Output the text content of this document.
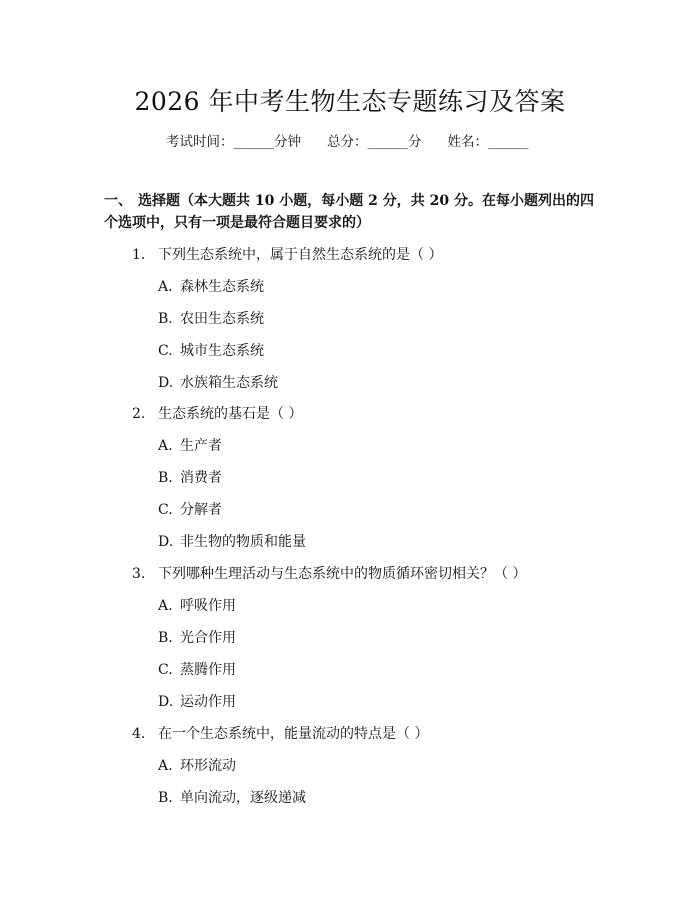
2026 年中考生物生态专题练习及答案
考试时间：______分钟 总分：______分 姓名：______
一、 选择题（本大题共 10 小题，每小题 2 分，共 20 分。在每小题列出的四个选项中，只有一项是最符合题目要求的）
1. 下列生态系统中，属于自然生态系统的是（ ）
A. 森林生态系统
B. 农田生态系统
C. 城市生态系统
D. 水族箱生态系统
2. 生态系统的基石是（ ）
A. 生产者
B. 消费者
C. 分解者
D. 非生物的物质和能量
3. 下列哪种生理活动与生态系统中的物质循环密切相关？（ ）
A. 呼吸作用
B. 光合作用
C. 蒸腾作用
D. 运动作用
4. 在一个生态系统中，能量流动的特点是（ ）
A. 环形流动
B. 单向流动，逐级递减
